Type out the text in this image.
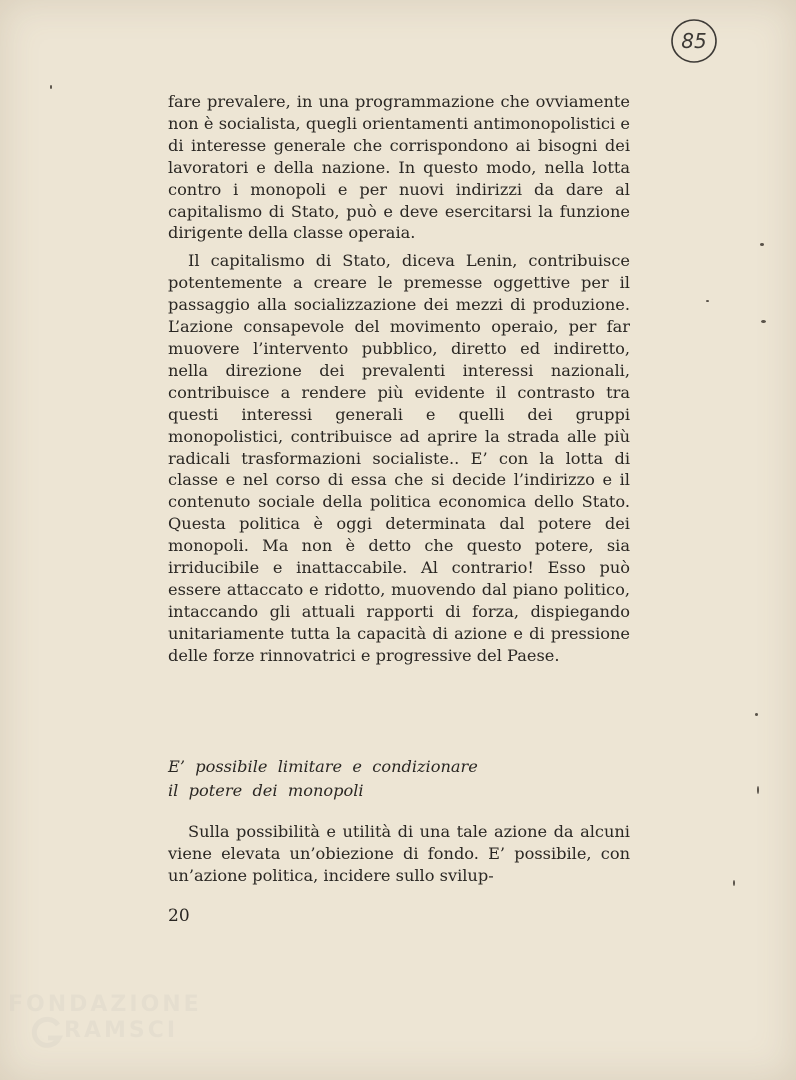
85

fare prevalere, in una programmazione che ovviamente non è socialista, quegli orientamenti antimonopolistici e di interesse generale che corrispondono ai bisogni dei lavoratori e della nazione. In questo modo, nella lotta contro i monopoli e per nuovi indirizzi da dare al capitalismo di Stato, può e deve esercitarsi la funzione dirigente della classe operaia.

Il capitalismo di Stato, diceva Lenin, contribuisce potentemente a creare le premesse oggettive per il passaggio alla socializzazione dei mezzi di produzione. L’azione consapevole del movimento operaio, per far muovere l’intervento pubblico, diretto ed indiretto, nella direzione dei prevalenti interessi nazionali, contribuisce a rendere più evidente il contrasto tra questi interessi generali e quelli dei gruppi monopolistici, contribuisce ad aprire la strada alle più radicali trasformazioni socialiste.. E’ con la lotta di classe e nel corso di essa che si decide l’indirizzo e il contenuto sociale della politica economica dello Stato. Questa politica è oggi determinata dal potere dei monopoli. Ma non è detto che questo potere, sia irriducibile e inattaccabile. Al contrario! Esso può essere attaccato e ridotto, muovendo dal piano politico, intaccando gli attuali rapporti di forza, dispiegando unitariamente tutta la capacità di azione e di pressione delle forze rinnovatrici e progressive del Paese.

E’  possibile  limitare  e  condizionare
il  potere  dei  monopoli

Sulla possibilità e utilità di una tale azione da alcuni viene elevata un’obiezione di fondo. E’ possibile, con un’azione politica, incidere sullo svilup-

20
FONDAZIONE
RAMSCI
